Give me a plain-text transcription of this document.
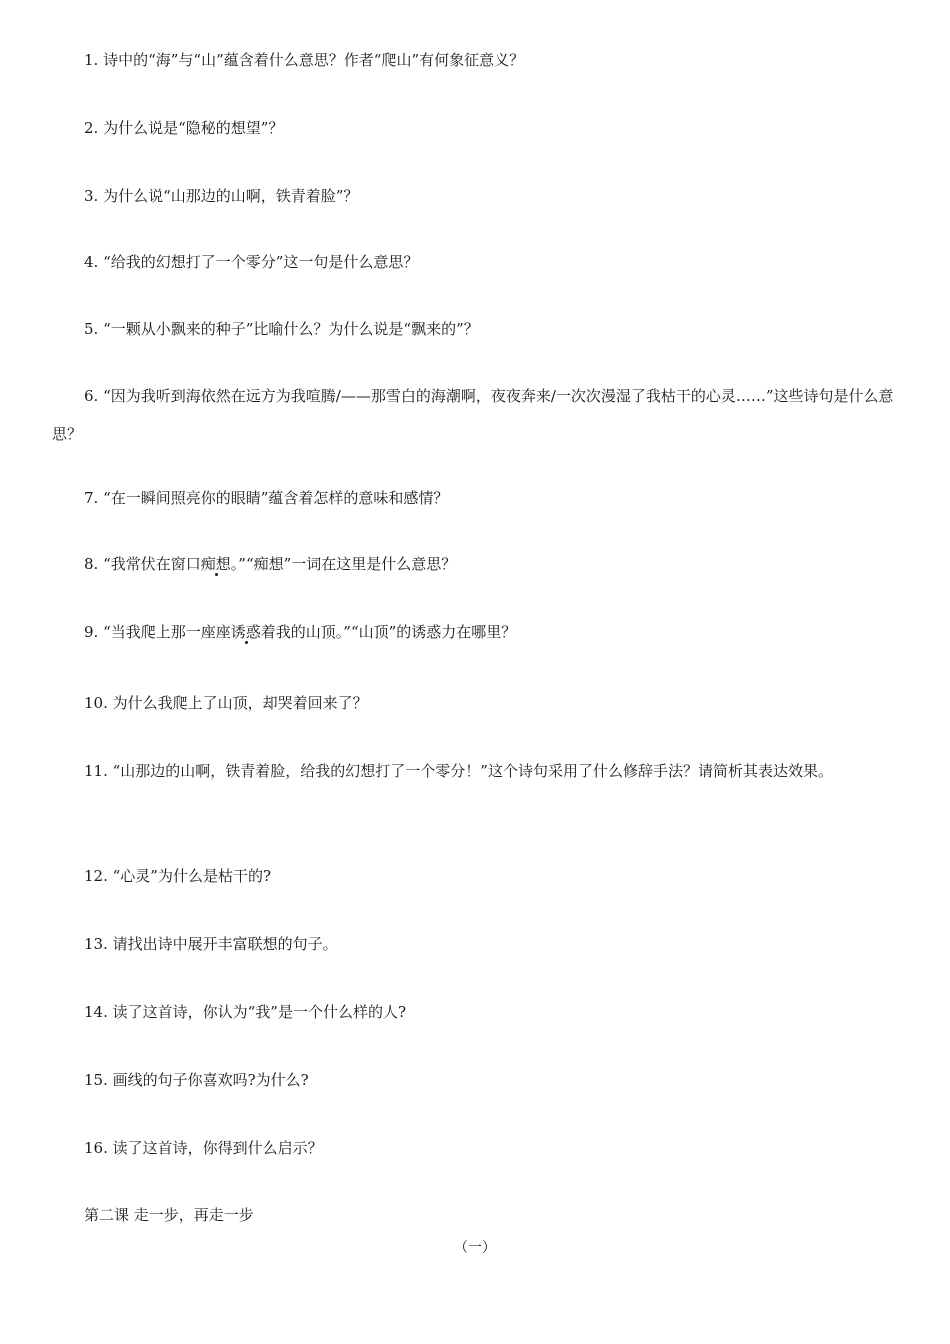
1. 诗中的“海”与“山”蕴含着什么意思？作者“爬山”有何象征意义？
2. 为什么说是“隐秘的想望”？
3. 为什么说“山那边的山啊，铁青着脸”？
4. “给我的幻想打了一个零分”这一句是什么意思？
5. “一颗从小飘来的种子”比喻什么？为什么说是“飘来的”？
6. “因为我听到海依然在远方为我喧腾/——那雪白的海潮啊，夜夜奔来/一次次漫湿了我枯干的心灵……”这些诗句是什么意思？
7. “在一瞬间照亮你的眼睛”蕴含着怎样的意味和感情？
8. “我常伏在窗口痴想。”“痴想”一词在这里是什么意思？
9. “当我爬上那一座座诱惑着我的山顶。”“山顶”的诱惑力在哪里？
10. 为什么我爬上了山顶，却哭着回来了？
11. “山那边的山啊，铁青着脸，给我的幻想打了一个零分！”这个诗句采用了什么修辞手法？请简析其表达效果。
12. “心灵”为什么是枯干的?
13. 请找出诗中展开丰富联想的句子。
14. 读了这首诗，你认为“我”是一个什么样的人?
15. 画线的句子你喜欢吗?为什么?
16. 读了这首诗，你得到什么启示？
第二课 走一步，再走一步
（一）
